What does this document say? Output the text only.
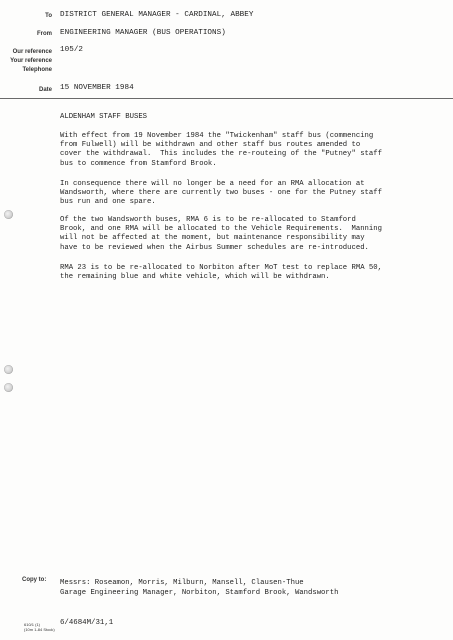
To DISTRICT GENERAL MANAGER - CARDINAL, ABBEY
From ENGINEERING MANAGER (BUS OPERATIONS)
Our reference 105/2
Your reference
Telephone
Date 15 NOVEMBER 1984
ALDENHAM STAFF BUSES
With effect from 19 November 1984 the "Twickenham" staff bus (commencing
from Fulwell) will be withdrawn and other staff bus routes amended to
cover the withdrawal.  This includes the re-routeing of the "Putney" staff
bus to commence from Stamford Brook.
In consequence there will no longer be a need for an RMA allocation at
Wandsworth, where there are currently two buses - one for the Putney staff
bus run and one spare.
Of the two Wandsworth buses, RMA 6 is to be re-allocated to Stamford
Brook, and one RMA will be allocated to the Vehicle Requirements.  Manning
will not be affected at the moment, but maintenance responsibility may
have to be reviewed when the Airbus Summer schedules are re-introduced.
RMA 23 is to be re-allocated to Norbiton after MoT test to replace RMA 50,
the remaining blue and white vehicle, which will be withdrawn.
Copy to: Messrs: Roseamon, Morris, Milburn, Mansell, Clausen-Thue
Garage Engineering Manager, Norbiton, Stamford Brook, Wandsworth
6/4684M/31,1
610/1 (1)
(10m 1-84 Stock)
